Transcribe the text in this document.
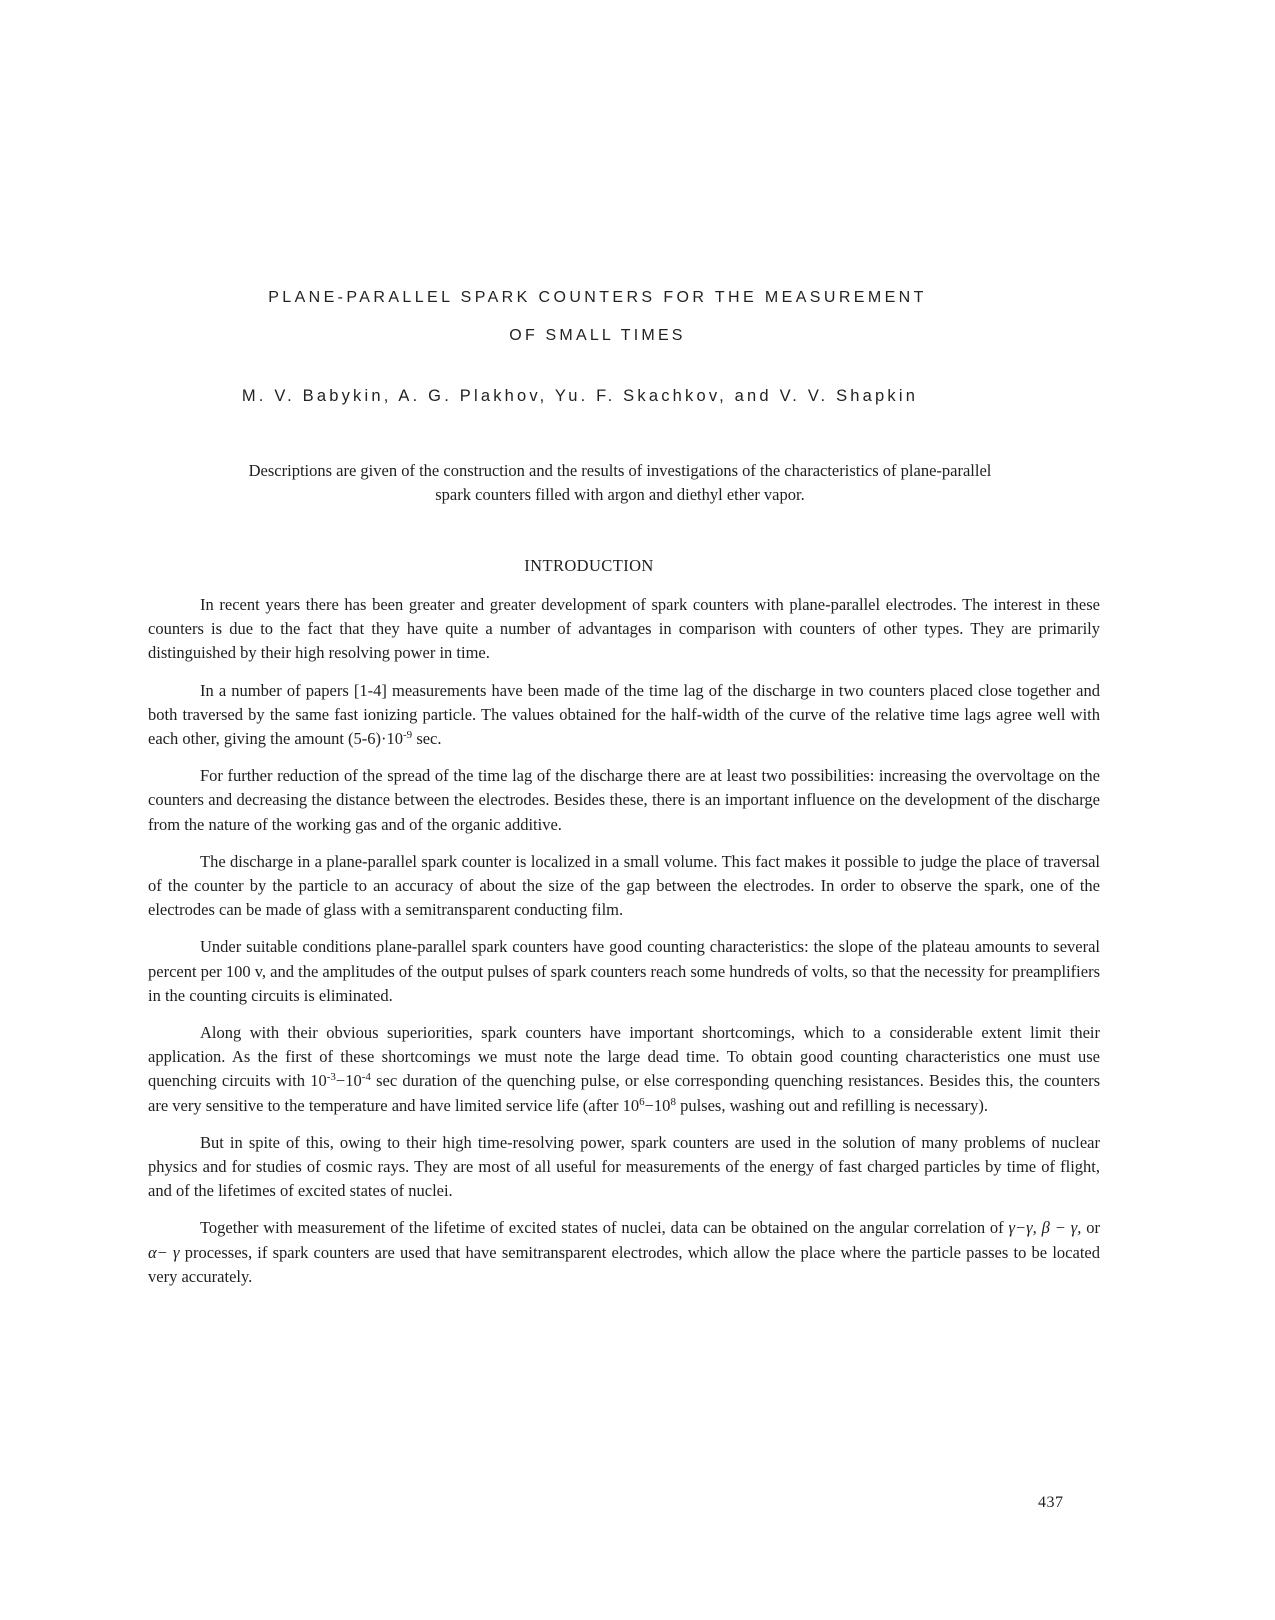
PLANE-PARALLEL SPARK COUNTERS FOR THE MEASUREMENT
OF SMALL TIMES
M. V. Babykin, A. G. Plakhov, Yu. F. Skachkov, and V. V. Shapkin
Descriptions are given of the construction and the results of investigations of the characteristics of plane-parallel spark counters filled with argon and diethyl ether vapor.
INTRODUCTION

In recent years there has been greater and greater development of spark counters with plane-parallel electrodes. The interest in these counters is due to the fact that they have quite a number of advantages in comparison with counters of other types. They are primarily distinguished by their high resolving power in time.

In a number of papers [1-4] measurements have been made of the time lag of the discharge in two counters placed close together and both traversed by the same fast ionizing particle. The values obtained for the half-width of the curve of the relative time lags agree well with each other, giving the amount $(5-6)\cdot 10^{-9}$ sec.

For further reduction of the spread of the time lag of the discharge there are at least two possibilities: increasing the overvoltage on the counters and decreasing the distance between the electrodes. Besides these, there is an important influence on the development of the discharge from the nature of the working gas and of the organic additive.

The discharge in a plane-parallel spark counter is localized in a small volume. This fact makes it possible to judge the place of traversal of the counter by the particle to an accuracy of about the size of the gap between the electrodes. In order to observe the spark, one of the electrodes can be made of glass with a semitransparent conducting film.

Under suitable conditions plane-parallel spark counters have good counting characteristics: the slope of the plateau amounts to several percent per 100 v, and the amplitudes of the output pulses of spark counters reach some hundreds of volts, so that the necessity for preamplifiers in the counting circuits is eliminated.

Along with their obvious superiorities, spark counters have important shortcomings, which to a considerable extent limit their application. As the first of these shortcomings we must note the large dead time. To obtain good counting characteristics one must use quenching circuits with $10^{-3}-10^{-4}$ sec duration of the quenching pulse, or else corresponding quenching resistances. Besides this, the counters are very sensitive to the temperature and have limited service life (after $10^6-10^8$ pulses, washing out and refilling is necessary).

But in spite of this, owing to their high time-resolving power, spark counters are used in the solution of many problems of nuclear physics and for studies of cosmic rays. They are most of all useful for measurements of the energy of fast charged particles by time of flight, and of the lifetimes of excited states of nuclei.

Together with measurement of the lifetime of excited states of nuclei, data can be obtained on the angular correlation of γ−γ, β − γ, or α− γ processes, if spark counters are used that have semitransparent electrodes, which allow the place where the particle passes to be located very accurately.

437
